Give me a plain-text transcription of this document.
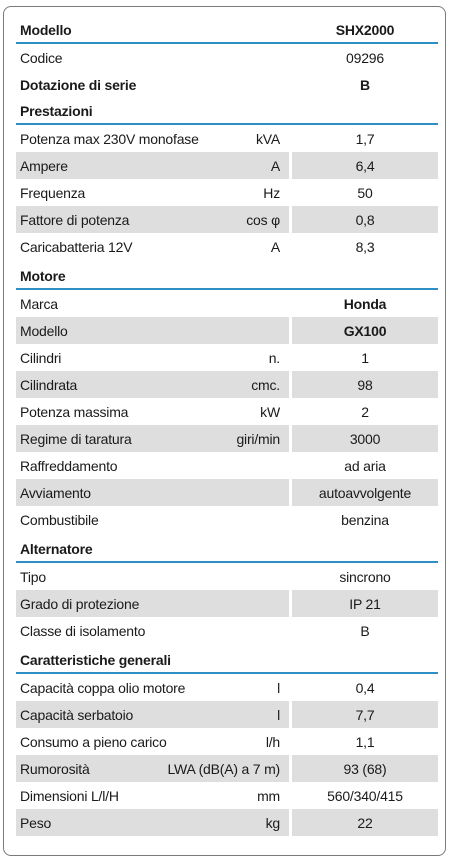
Modello	SHX2000
Codice	09296
Dotazione di serie	B
Prestazioni
Potenza max 230V monofase	kVA	1,7
Ampere	A	6,4
Frequenza	Hz	50
Fattore di potenza	cos φ	0,8
Caricabatteria 12V	A	8,3
Motore
Marca	Honda
Modello	GX100
Cilindri	n.	1
Cilindrata	cmc.	98
Potenza massima	kW	2
Regime di taratura	giri/min	3000
Raffreddamento	ad aria
Avviamento	autoavvolgente
Combustibile	benzina
Alternatore
Tipo	sincrono
Grado di protezione	IP 21
Classe di isolamento	B
Caratteristiche generali
Capacità coppa olio motore	l	0,4
Capacità serbatoio	l	7,7
Consumo a pieno carico	l/h	1,1
Rumorosità	LWA (dB(A) a 7 m)	93 (68)
Dimensioni L/l/H	mm	560/340/415
Peso	kg	22
